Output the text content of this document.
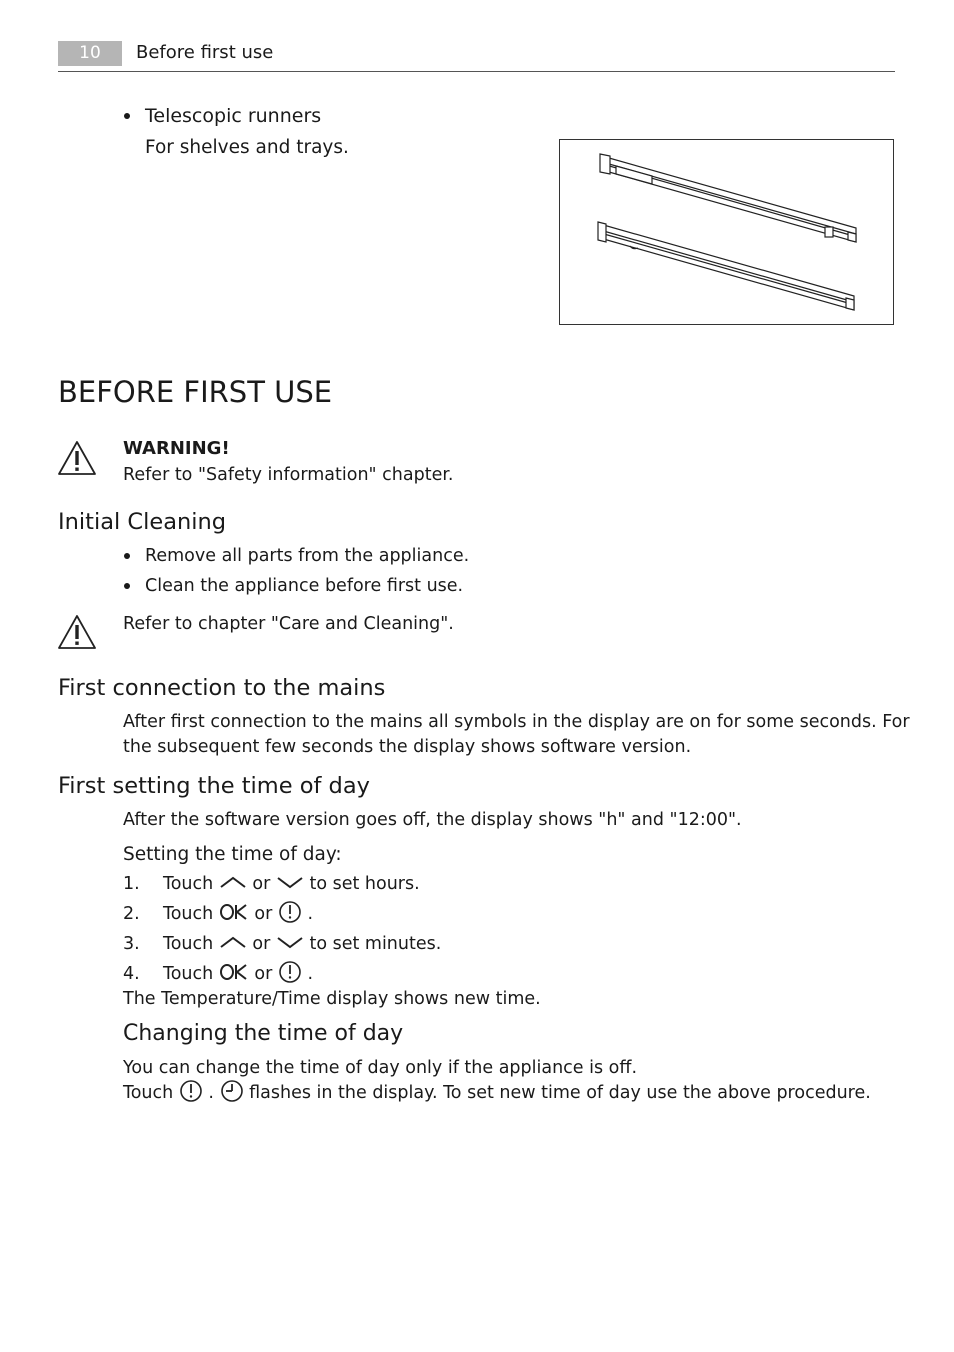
10	Before first use
Telescopic runners
For shelves and trays.
BEFORE FIRST USE
WARNING!
Refer to "Safety information" chapter.
Initial Cleaning
Remove all parts from the appliance.
Clean the appliance before first use.
Refer to chapter "Care and Cleaning".
First connection to the mains
After first connection to the mains all symbols in the display are on for some seconds. For
the subsequent few seconds the display shows software version.
First setting the time of day
After the software version goes off, the display shows "h" and "12:00".
Setting the time of day:
1. Touch or to set hours.
2. Touch or .
3. Touch or to set minutes.
4. Touch or .
The Temperature/Time display shows new time.
Changing the time of day
You can change the time of day only if the appliance is off.
Touch . flashes in the display. To set new time of day use the above procedure.
